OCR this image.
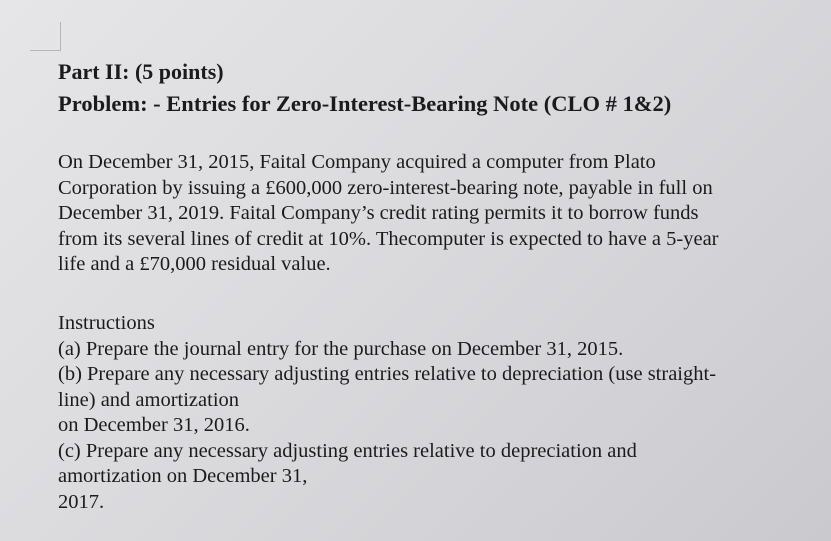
Part II: (5 points)
Problem: - Entries for Zero-Interest-Bearing Note (CLO # 1&2)
On December 31, 2015, Faital Company acquired a computer from Plato
Corporation by issuing a £600,000 zero-interest-bearing note, payable in full on
December 31, 2019. Faital Company’s credit rating permits it to borrow funds
from its several lines of credit at 10%. Thecomputer is expected to have a 5-year
life and a £70,000 residual value.
Instructions
(a) Prepare the journal entry for the purchase on December 31, 2015.
(b) Prepare any necessary adjusting entries relative to depreciation (use straight-
line) and amortization
on December 31, 2016.
(c) Prepare any necessary adjusting entries relative to depreciation and
amortization on December 31,
2017.
